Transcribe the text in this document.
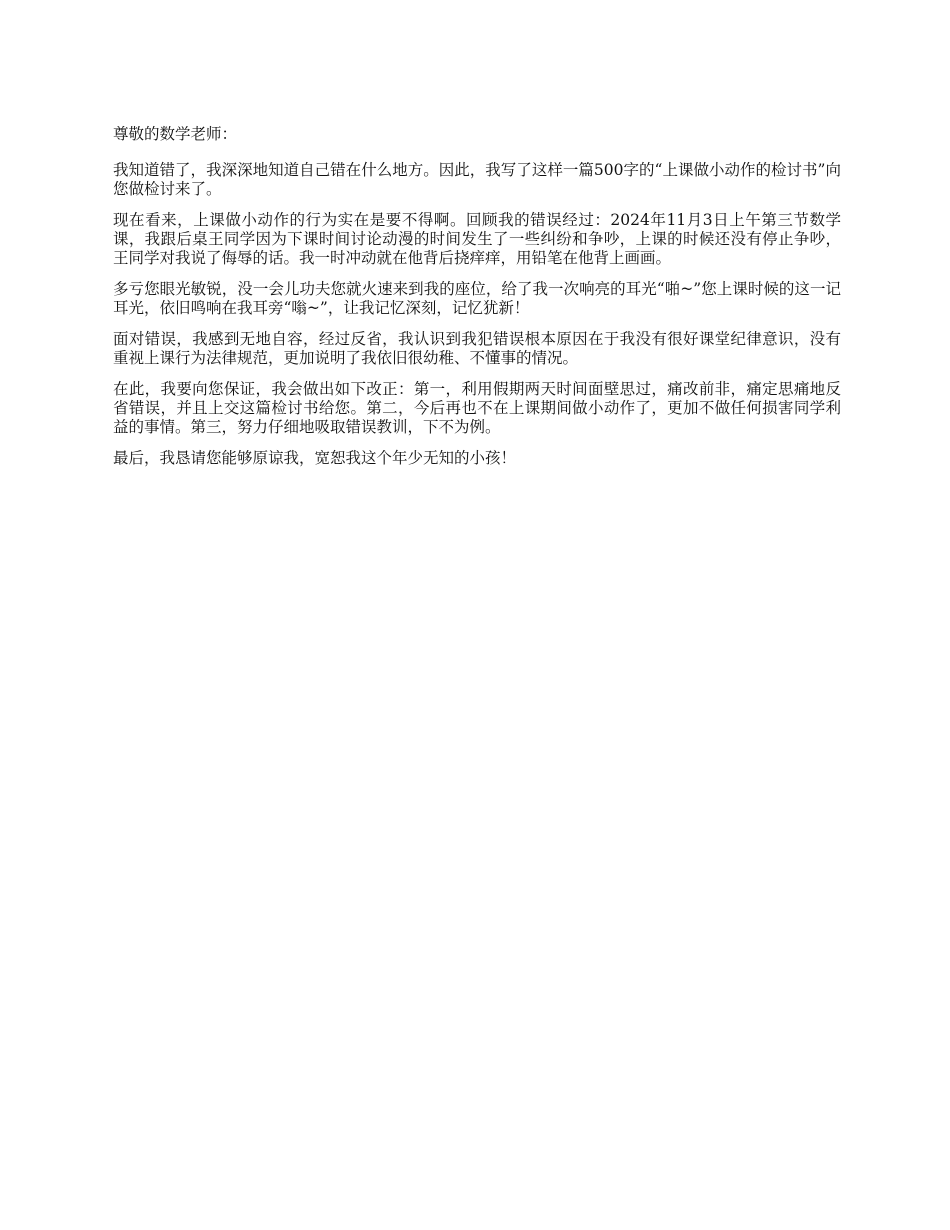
尊敬的数学老师：

我知道错了，我深深地知道自己错在什么地方。因此，我写了这样一篇500字的“上课做小动作的检讨书”向您做检讨来了。

现在看来，上课做小动作的行为实在是要不得啊。回顾我的错误经过：2024年11月3日上午第三节数学课，我跟后桌王同学因为下课时间讨论动漫的时间发生了一些纠纷和争吵，上课的时候还没有停止争吵，王同学对我说了侮辱的话。我一时冲动就在他背后挠痒痒，用铅笔在他背上画画。

多亏您眼光敏锐，没一会儿功夫您就火速来到我的座位，给了我一次响亮的耳光“啪~”您上课时候的这一记耳光，依旧鸣响在我耳旁“嗡~”，让我记忆深刻，记忆犹新！

面对错误，我感到无地自容，经过反省，我认识到我犯错误根本原因在于我没有很好课堂纪律意识，没有重视上课行为法律规范，更加说明了我依旧很幼稚、不懂事的情况。

在此，我要向您保证，我会做出如下改正：第一，利用假期两天时间面壁思过，痛改前非，痛定思痛地反省错误，并且上交这篇检讨书给您。第二，今后再也不在上课期间做小动作了，更加不做任何损害同学利益的事情。第三，努力仔细地吸取错误教训，下不为例。

最后，我恳请您能够原谅我，宽恕我这个年少无知的小孩！
